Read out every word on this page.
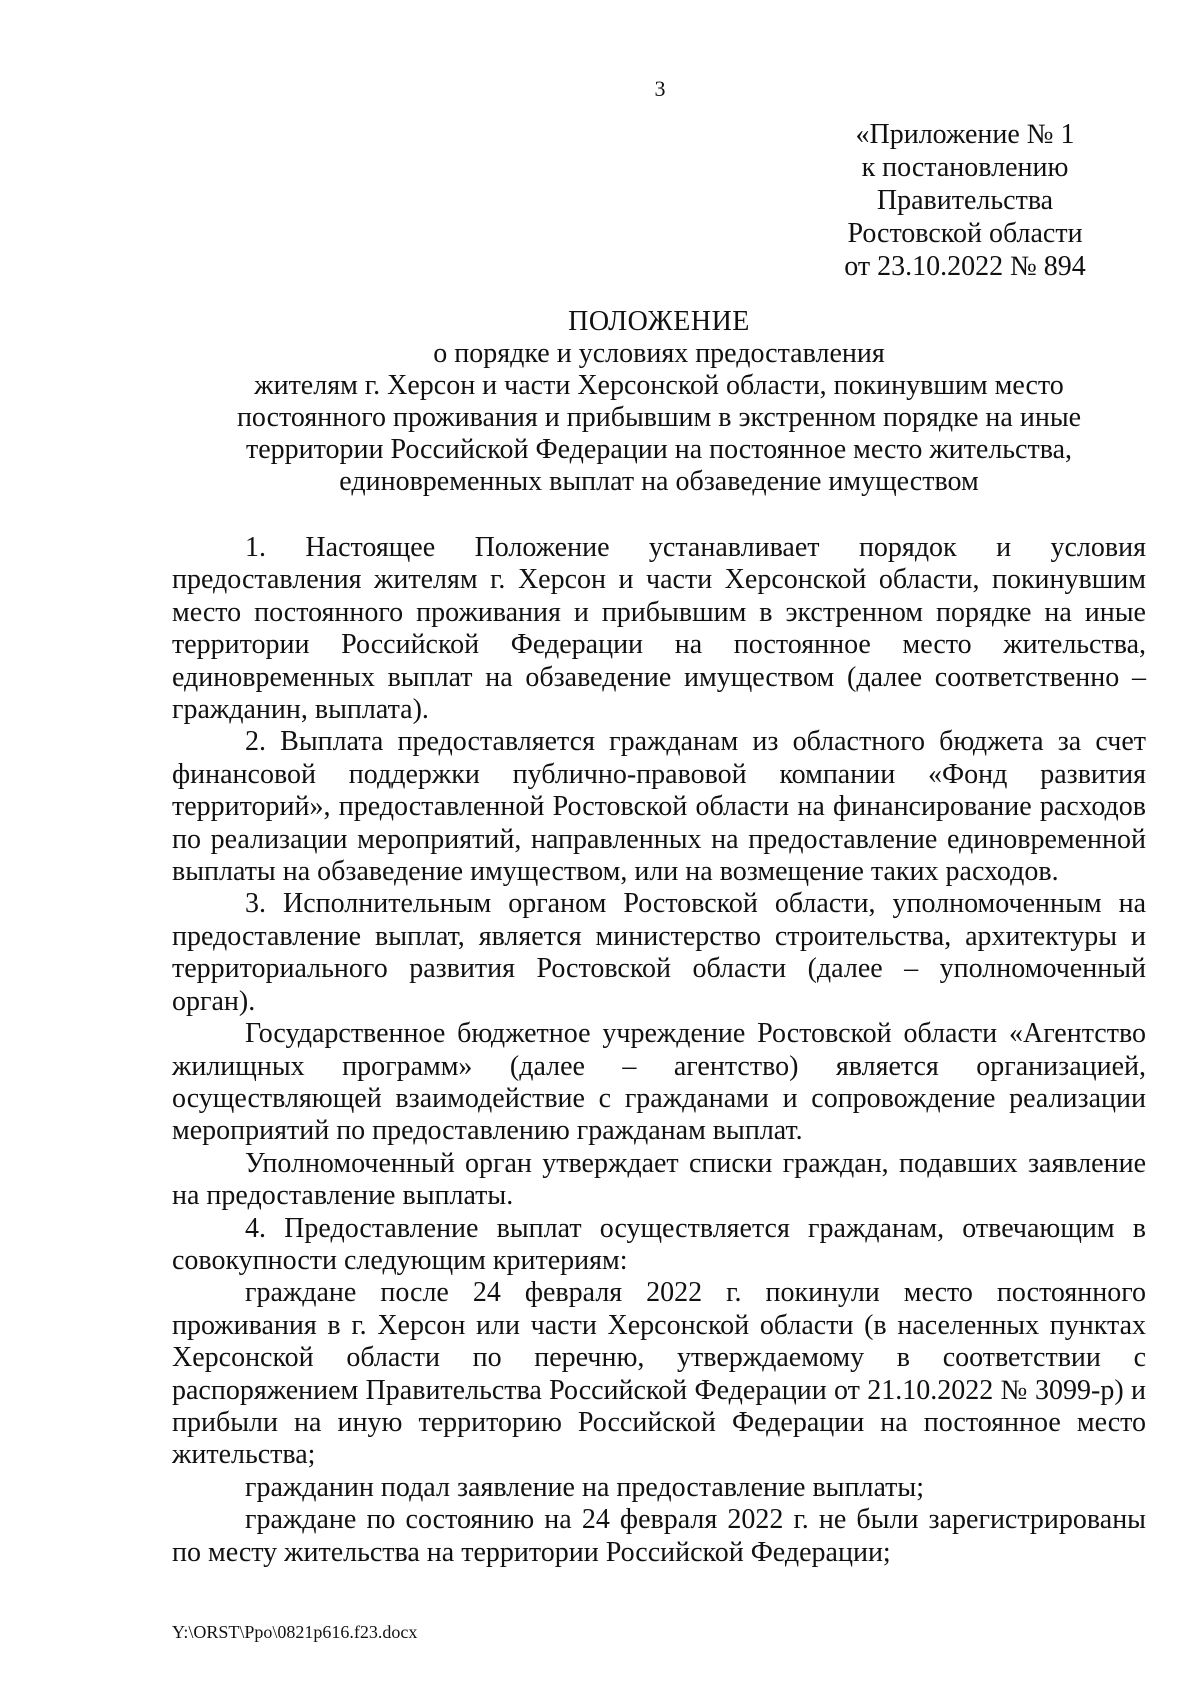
3
«Приложение № 1
к постановлению
Правительства
Ростовской области
от 23.10.2022 № 894
ПОЛОЖЕНИЕ
о порядке и условиях предоставления
жителям г. Херсон и части Херсонской области, покинувшим место
постоянного проживания и прибывшим в экстренном порядке на иные
территории Российской Федерации на постоянное место жительства,
единовременных выплат на обзаведение имуществом

1. Настоящее Положение устанавливает порядок и условия предоставления жителям г. Херсон и части Херсонской области, покинувшим место постоянного проживания и прибывшим в экстренном порядке на иные территории Российской Федерации на постоянное место жительства, единовременных выплат на обзаведение имуществом (далее соответственно – гражданин, выплата).

2. Выплата предоставляется гражданам из областного бюджета за счет финансовой поддержки публично-правовой компании «Фонд развития территорий», предоставленной Ростовской области на финансирование расходов по реализации мероприятий, направленных на предоставление единовременной выплаты на обзаведение имуществом, или на возмещение таких расходов.

3. Исполнительным органом Ростовской области, уполномоченным на предоставление выплат, является министерство строительства, архитектуры и территориального развития Ростовской области (далее – уполномоченный орган).

Государственное бюджетное учреждение Ростовской области «Агентство жилищных программ» (далее – агентство) является организацией, осуществляющей взаимодействие с гражданами и сопровождение реализации мероприятий по предоставлению гражданам выплат.

Уполномоченный орган утверждает списки граждан, подавших заявление на предоставление выплаты.

4. Предоставление выплат осуществляется гражданам, отвечающим в совокупности следующим критериям:

граждане после 24 февраля 2022 г. покинули место постоянного проживания в г. Херсон или части Херсонской области (в населенных пунктах Херсонской области по перечню, утверждаемому в соответствии с распоряжением Правительства Российской Федерации от 21.10.2022 № 3099-р) и прибыли на иную территорию Российской Федерации на постоянное место жительства;

гражданин подал заявление на предоставление выплаты;

граждане по состоянию на 24 февраля 2022 г. не были зарегистрированы по месту жительства на территории Российской Федерации;

Y:\ORST\Ppo\0821p616.f23.docx
